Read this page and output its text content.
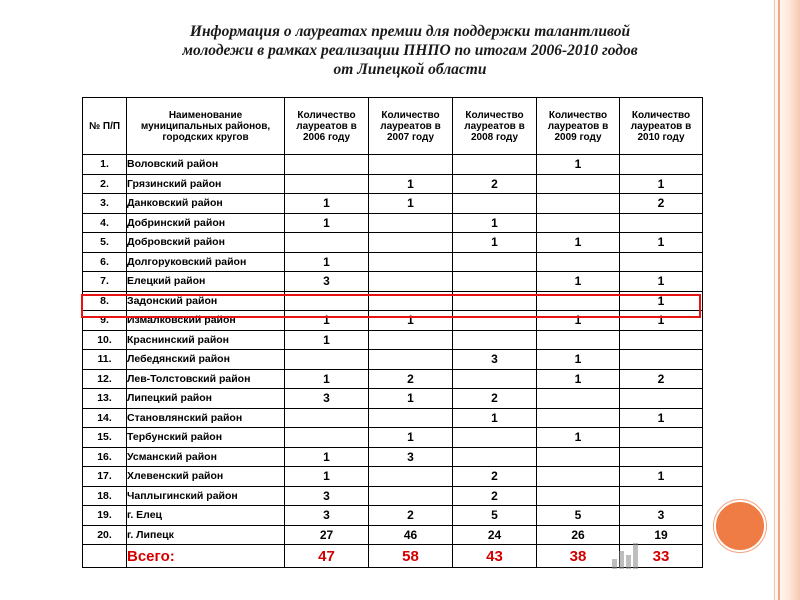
Информация о лауреатах премии для поддержки талантливой
молодежи в рамках реализации ПНПО по итогам 2006-2010 годов
от Липецкой области
№ П/П	Наименование муниципальных районов, городских кругов	Количество лауреатов в 2006 году	Количество лауреатов в 2007 году	Количество лауреатов в 2008 году	Количество лауреатов в 2009 году	Количество лауреатов в 2010 году
1.	Воловский район				1	
2.	Грязинский район		1	2		1
3.	Данковский район	1	1			2
4.	Добринский район	1		1		
5.	Добровский район			1	1	1
6.	Долгоруковский район	1				
7.	Елецкий район	3			1	1
8.	Задонский район					1
9.	Измалковский район	1	1		1	1
10.	Краснинский район	1				
11.	Лебедянский район			3	1	
12.	Лев-Толстовский район	1	2		1	2
13.	Липецкий район	3	1	2		
14.	Становлянский район			1		1
15.	Тербунский район		1		1	
16.	Усманский район	1	3			
17.	Хлевенский район	1		2		1
18.	Чаплыгинский район	3		2		
19.	г. Елец	3	2	5	5	3
20.	г. Липецк	27	46	24	26	19
	Всего:	47	58	43	38	33
